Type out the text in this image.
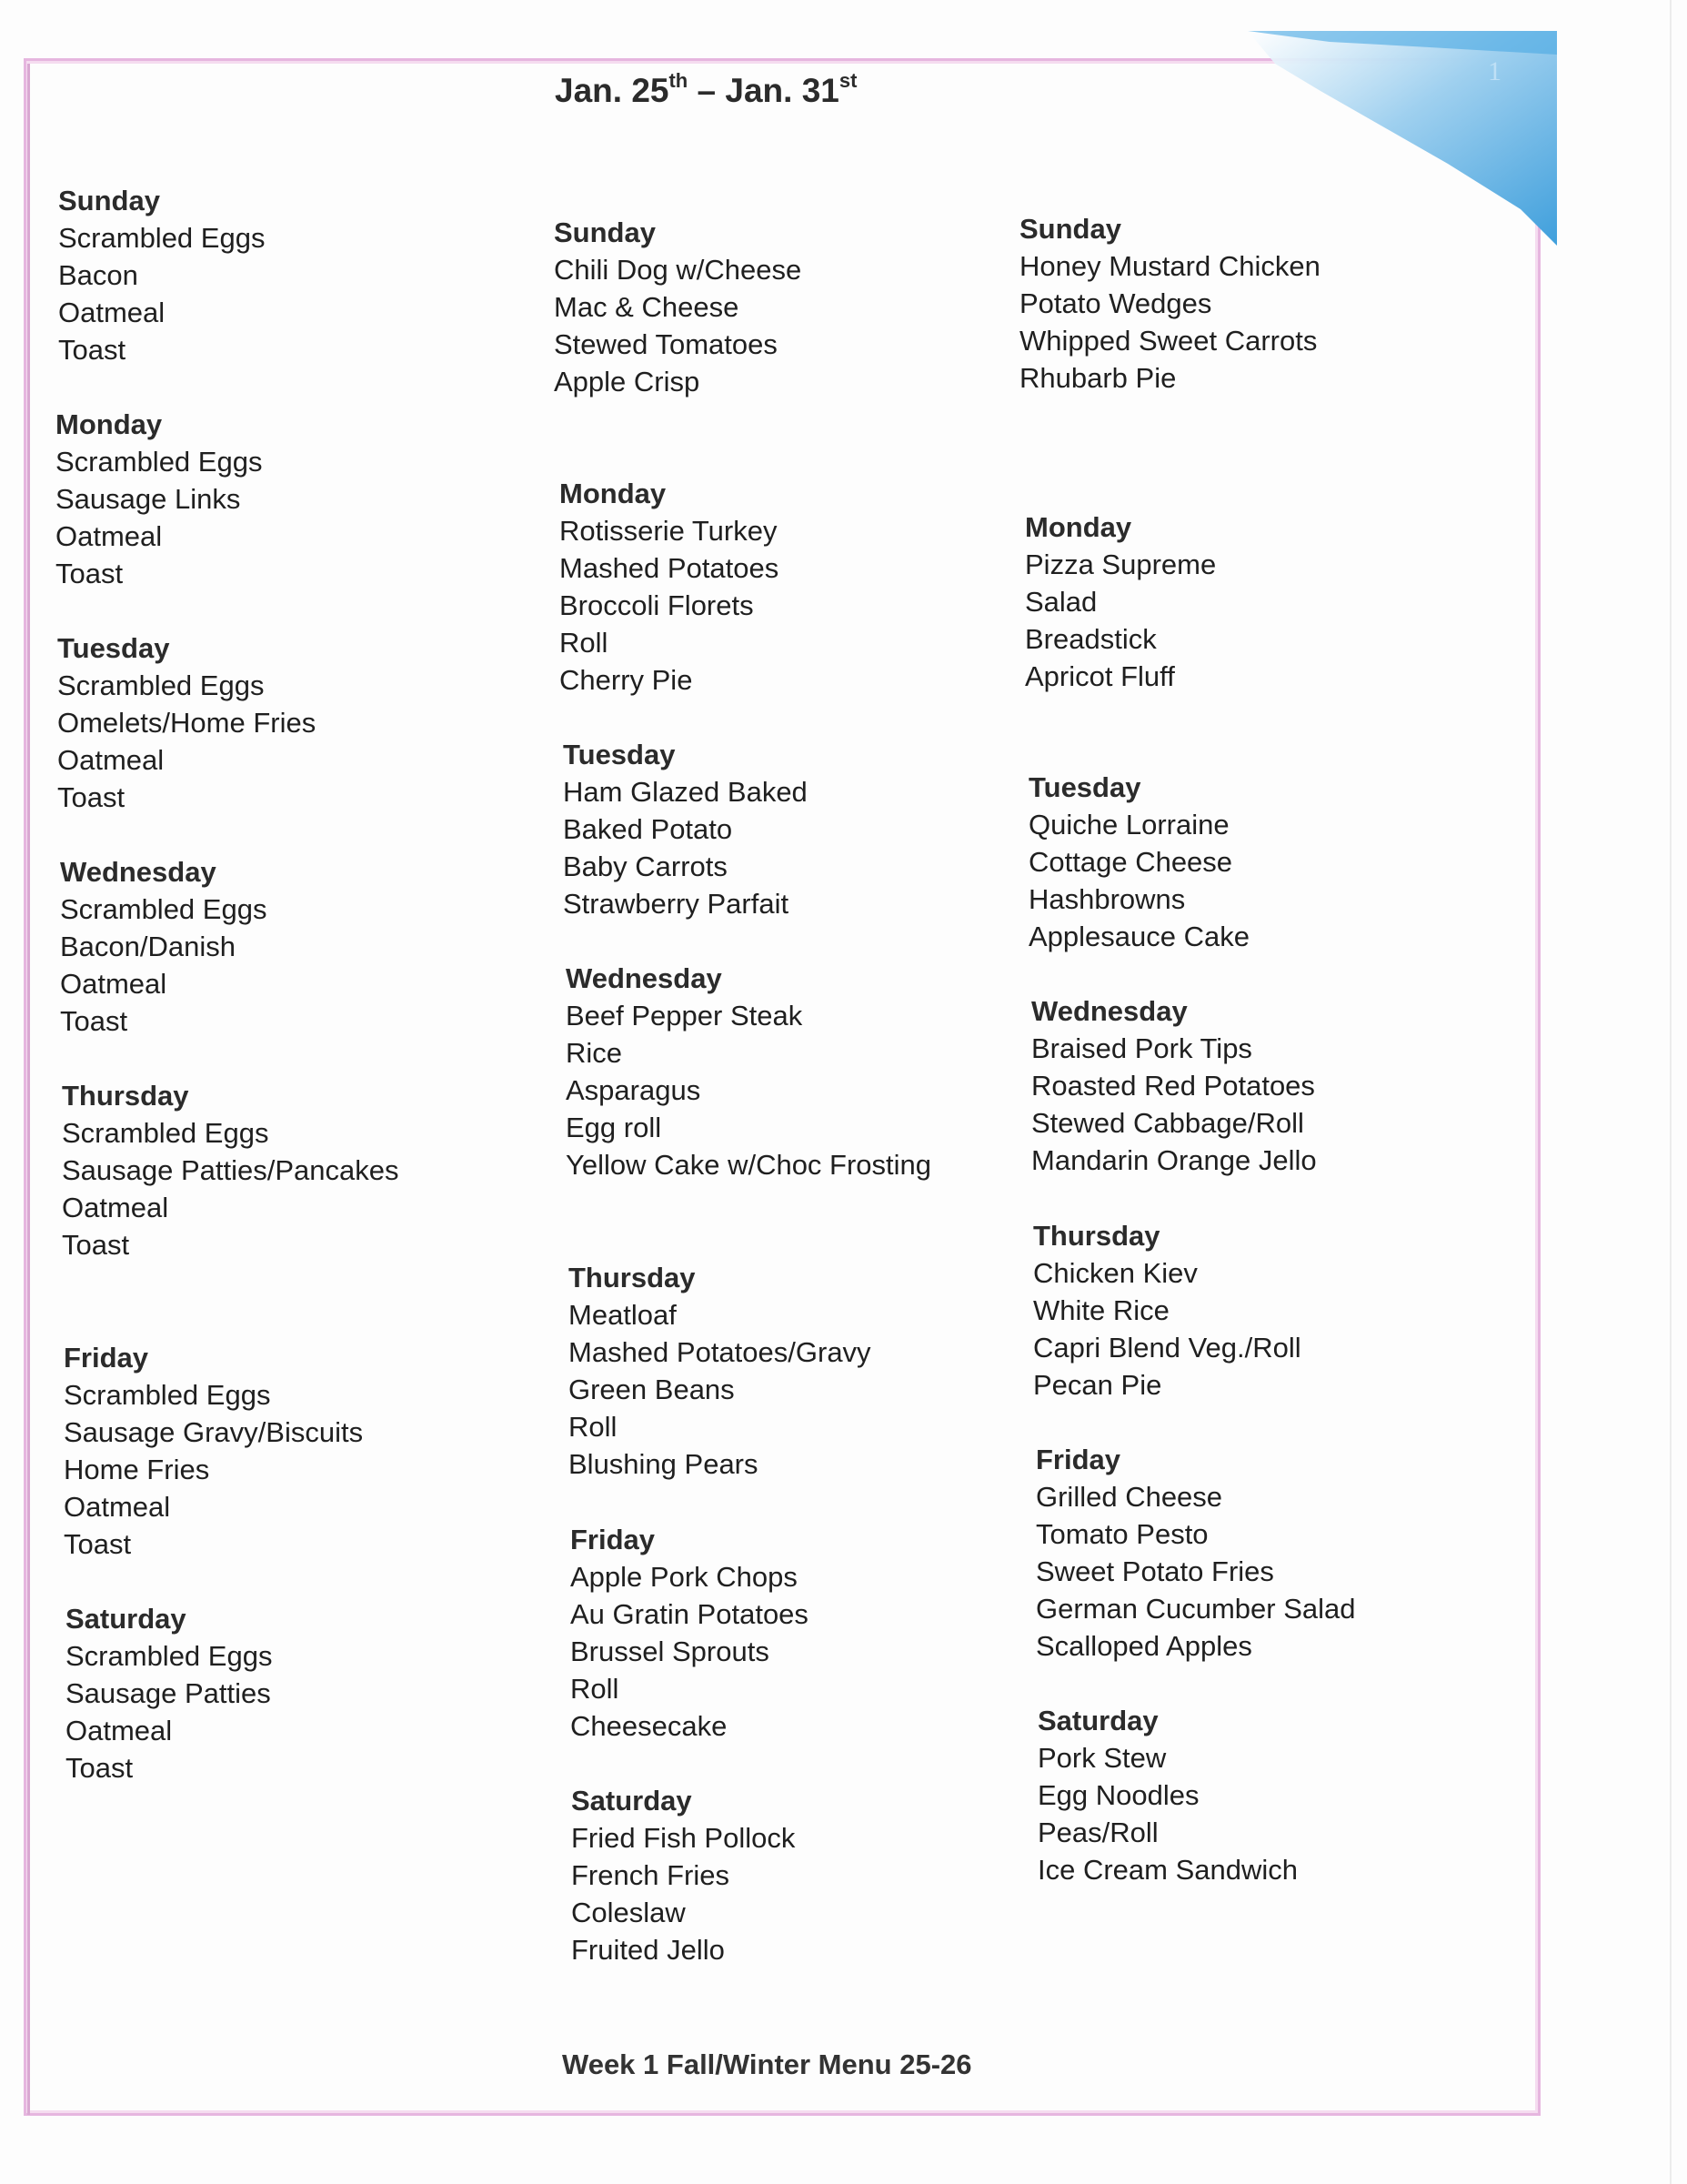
1
Jan. 25th – Jan. 31st
Sunday
Scrambled Eggs
Bacon
Oatmeal
Toast
Monday
Scrambled Eggs
Sausage Links
Oatmeal
Toast
Tuesday
Scrambled Eggs
Omelets/Home Fries
Oatmeal
Toast
Wednesday
Scrambled Eggs
Bacon/Danish
Oatmeal
Toast
Thursday
Scrambled Eggs
Sausage Patties/Pancakes
Oatmeal
Toast
Friday
Scrambled Eggs
Sausage Gravy/Biscuits
Home Fries
Oatmeal
Toast
Saturday
Scrambled Eggs
Sausage Patties
Oatmeal
Toast
Sunday
Chili Dog w/Cheese
Mac & Cheese
Stewed Tomatoes
Apple Crisp
Monday
Rotisserie Turkey
Mashed Potatoes
Broccoli Florets
Roll
Cherry Pie
Tuesday
Ham Glazed Baked
Baked Potato
Baby Carrots
Strawberry Parfait
Wednesday
Beef Pepper Steak
Rice
Asparagus
Egg roll
Yellow Cake w/Choc Frosting
Thursday
Meatloaf
Mashed Potatoes/Gravy
Green Beans
Roll
Blushing Pears
Friday
Apple Pork Chops
Au Gratin Potatoes
Brussel Sprouts
Roll
Cheesecake
Saturday
Fried Fish Pollock
French Fries
Coleslaw
Fruited Jello
Sunday
Honey Mustard Chicken
Potato Wedges
Whipped Sweet Carrots
Rhubarb Pie
Monday
Pizza Supreme
Salad
Breadstick
Apricot Fluff
Tuesday
Quiche Lorraine
Cottage Cheese
Hashbrowns
Applesauce Cake
Wednesday
Braised Pork Tips
Roasted Red Potatoes
Stewed Cabbage/Roll
Mandarin Orange Jello
Thursday
Chicken Kiev
White Rice
Capri Blend Veg./Roll
Pecan Pie
Friday
Grilled Cheese
Tomato Pesto
Sweet Potato Fries
German Cucumber Salad
Scalloped Apples
Saturday
Pork Stew
Egg Noodles
Peas/Roll
Ice Cream Sandwich
Week 1 Fall/Winter Menu 25-26
